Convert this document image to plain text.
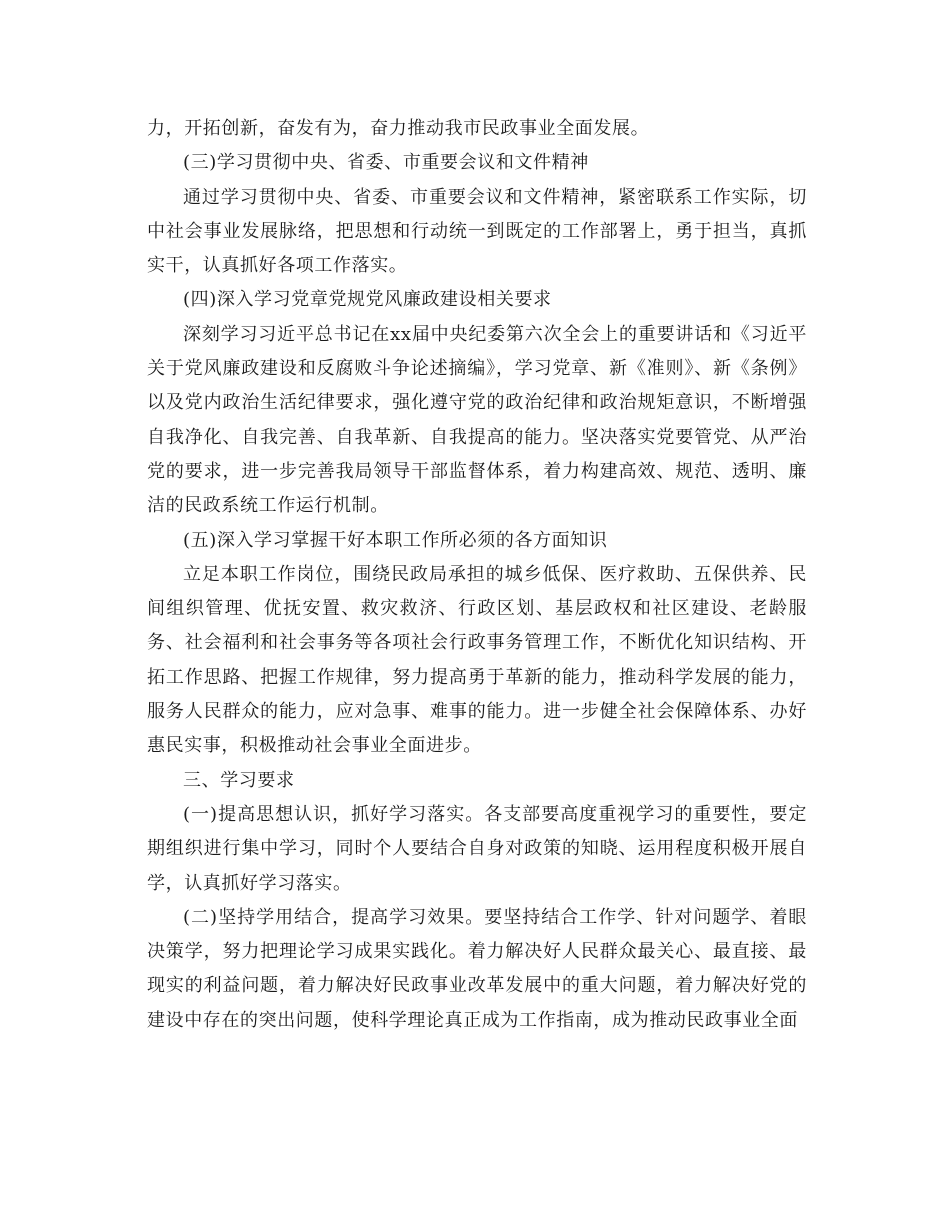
力，开拓创新，奋发有为，奋力推动我市民政事业全面发展。

(三)学习贯彻中央、省委、市重要会议和文件精神

通过学习贯彻中央、省委、市重要会议和文件精神，紧密联系工作实际，切中社会事业发展脉络，把思想和行动统一到既定的工作部署上，勇于担当，真抓实干，认真抓好各项工作落实。

(四)深入学习党章党规党风廉政建设相关要求

深刻学习习近平总书记在xx届中央纪委第六次全会上的重要讲话和《习近平关于党风廉政建设和反腐败斗争论述摘编》，学习党章、新《准则》、新《条例》以及党内政治生活纪律要求，强化遵守党的政治纪律和政治规矩意识，不断增强自我净化、自我完善、自我革新、自我提高的能力。坚决落实党要管党、从严治党的要求，进一步完善我局领导干部监督体系，着力构建高效、规范、透明、廉洁的民政系统工作运行机制。

(五)深入学习掌握干好本职工作所必须的各方面知识

立足本职工作岗位，围绕民政局承担的城乡低保、医疗救助、五保供养、民间组织管理、优抚安置、救灾救济、行政区划、基层政权和社区建设、老龄服务、社会福利和社会事务等各项社会行政事务管理工作，不断优化知识结构、开拓工作思路、把握工作规律，努力提高勇于革新的能力，推动科学发展的能力，服务人民群众的能力，应对急事、难事的能力。进一步健全社会保障体系、办好惠民实事，积极推动社会事业全面进步。

三、学习要求

(一)提高思想认识，抓好学习落实。各支部要高度重视学习的重要性，要定期组织进行集中学习，同时个人要结合自身对政策的知晓、运用程度积极开展自学，认真抓好学习落实。

(二)坚持学用结合，提高学习效果。要坚持结合工作学、针对问题学、着眼决策学，努力把理论学习成果实践化。着力解决好人民群众最关心、最直接、最现实的利益问题，着力解决好民政事业改革发展中的重大问题，着力解决好党的建设中存在的突出问题，使科学理论真正成为工作指南，成为推动民政事业全面
